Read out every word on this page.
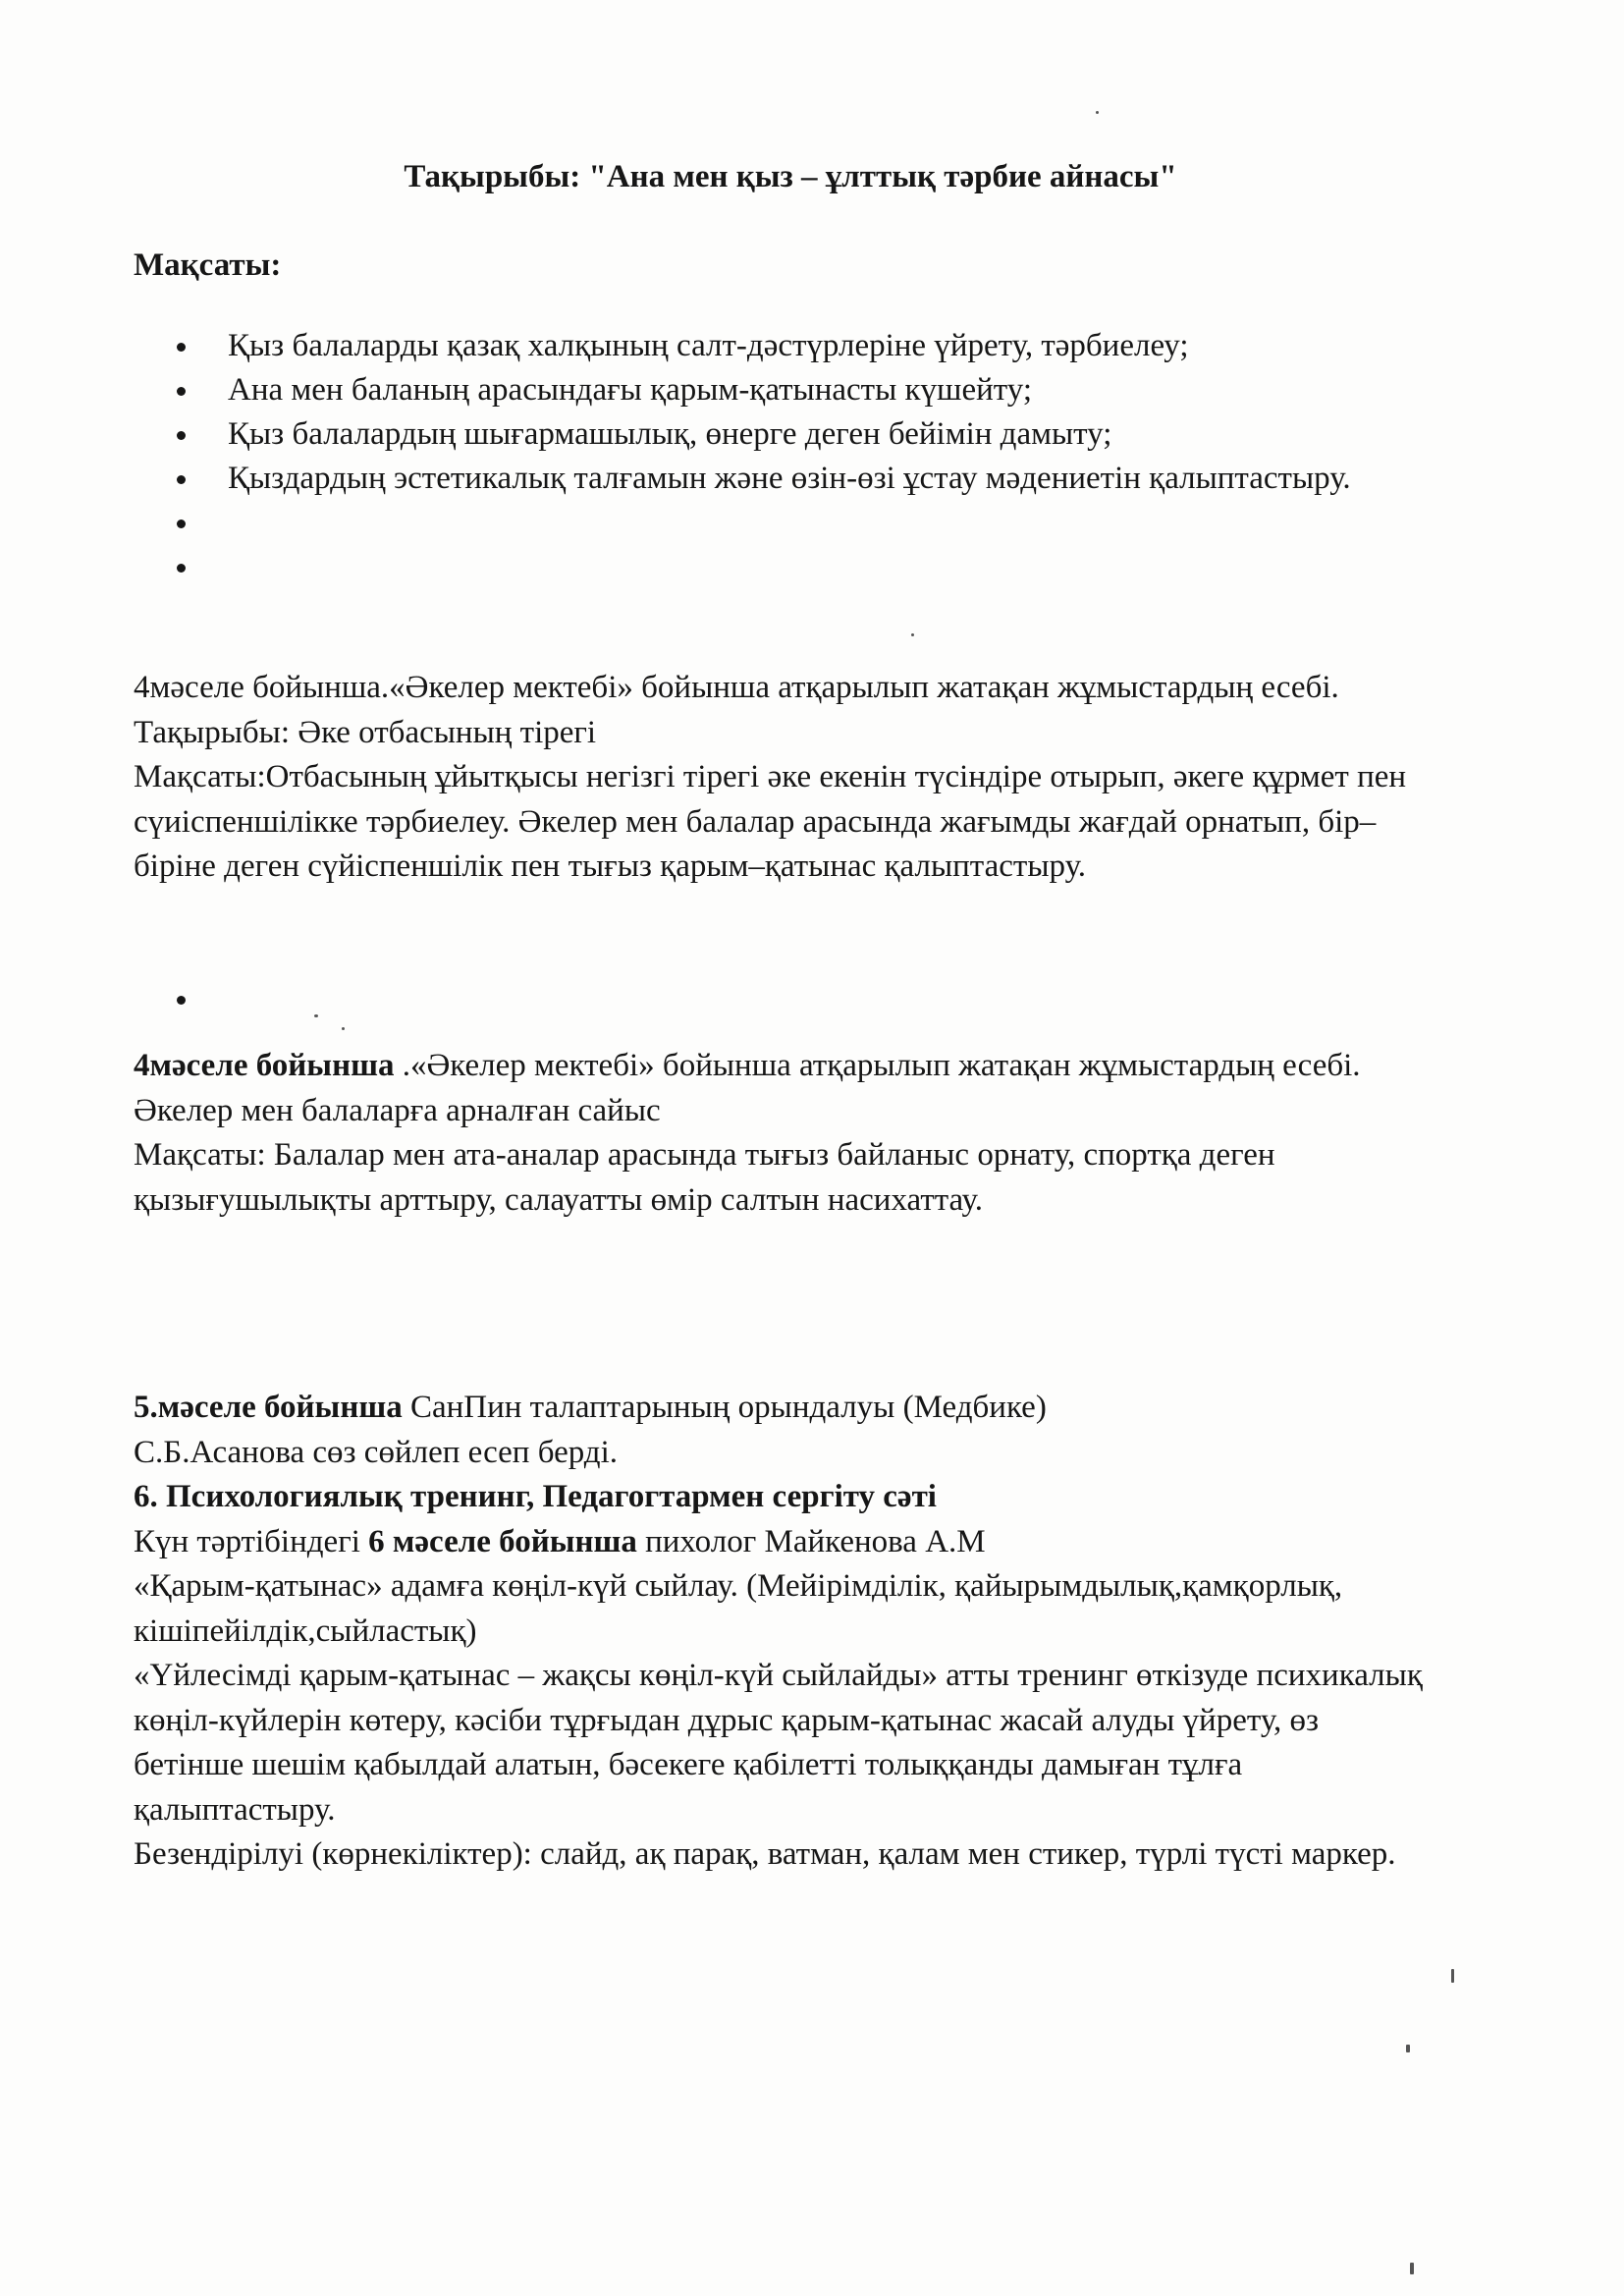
Тақырыбы: "Ана мен қыз – ұлттық тәрбие айнасы"
Мақсаты:
Қыз балаларды қазақ халқының салт-дәстүрлеріне үйрету, тәрбиелеу;
Ана мен баланың арасындағы қарым-қатынасты күшейту;
Қыз балалардың шығармашылық, өнерге деген бейімін дамыту;
Қыздардың эстетикалық талғамын және өзін-өзі ұстау мәдениетін қалыптастыру.

4мәселе бойынша.«Әкелер мектебі» бойынша атқарылып жатақан жұмыстардың есебі.

Тақырыбы: Әке отбасының тірегі

Мақсаты:Отбасының ұйытқысы негізгі тірегі әке екенін түсіндіре отырып, әкеге құрмет пен сүиіспеншілікке тәрбиелеу. Әкелер мен балалар арасында жағымды жағдай орнатып, бір–біріне деген сүйіспеншілік пен тығыз қарым–қатынас қалыптастыру.

4мәселе бойынша .«Әкелер мектебі» бойынша атқарылып жатақан жұмыстардың есебі.

Әкелер мен балаларға арналған сайыс

Мақсаты: Балалар мен ата-аналар арасында тығыз байланыс орнату, спортқа деген қызығушылықты арттыру, салауатты өмір салтын насихаттау.

5.мәселе бойынша СанПин талаптарының орындалуы (Медбике)

С.Б.Асанова сөз сөйлеп есеп берді.

6. Психологиялық тренинг, Педагогтармен сергіту сәті

Күн тәртібіндегі 6 мәселе бойынша пихолог Майкенова А.М

«Қарым-қатынас» адамға көңіл-күй сыйлау. (Мейірімділік, қайырымдылық,қамқорлық, кішіпейілдік,сыйластық)

«Үйлесімді қарым-қатынас – жақсы көңіл-күй сыйлайды» атты тренинг өткізуде психикалық көңіл-күйлерін көтеру, кәсіби тұрғыдан дұрыс қарым-қатынас жасай алуды үйрету, өз бетінше шешім қабылдай алатын, бәсекеге қабілетті толыққанды дамыған тұлға қалыптастыру.

Безендірілуі (көрнекіліктер): слайд, ақ парақ, ватман, қалам мен стикер, түрлі түсті маркер.
